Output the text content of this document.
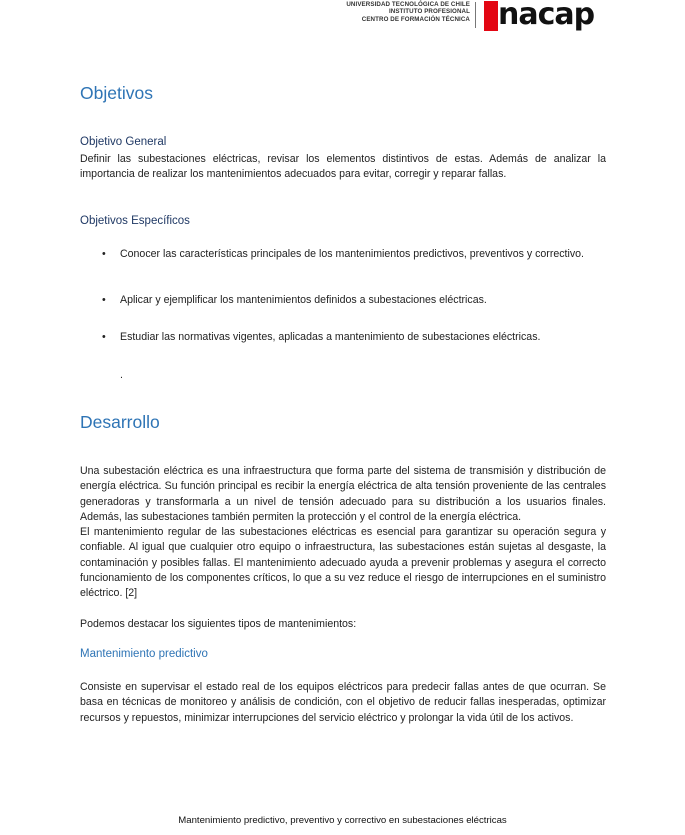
UNIVERSIDAD TECNOLÓGICA DE CHILE
INSTITUTO PROFESIONAL
CENTRO DE FORMACIÓN TÉCNICA nacap
Objetivos
Objetivo General

Definir las subestaciones eléctricas, revisar los elementos distintivos de estas. Además de analizar la importancia de realizar los mantenimientos adecuados para evitar, corregir y reparar fallas.

Objetivos Específicos
• Conocer las características principales de los mantenimientos predictivos, preventivos y correctivo.
• Aplicar y ejemplificar los mantenimientos definidos a subestaciones eléctricas.
• Estudiar las normativas vigentes, aplicadas a mantenimiento de subestaciones eléctricas.
.
Desarrollo

Una subestación eléctrica es una infraestructura que forma parte del sistema de transmisión y distribución de energía eléctrica. Su función principal es recibir la energía eléctrica de alta tensión proveniente de las centrales generadoras y transformarla a un nivel de tensión adecuado para su distribución a los usuarios finales. Además, las subestaciones también permiten la protección y el control de la energía eléctrica.

El mantenimiento regular de las subestaciones eléctricas es esencial para garantizar su operación segura y confiable. Al igual que cualquier otro equipo o infraestructura, las subestaciones están sujetas al desgaste, la contaminación y posibles fallas. El mantenimiento adecuado ayuda a prevenir problemas y asegura el correcto funcionamiento de los componentes críticos, lo que a su vez reduce el riesgo de interrupciones en el suministro eléctrico. [2]

Podemos destacar los siguientes tipos de mantenimientos:

Mantenimiento predictivo

Consiste en supervisar el estado real de los equipos eléctricos para predecir fallas antes de que ocurran. Se basa en técnicas de monitoreo y análisis de condición, con el objetivo de reducir fallas inesperadas, optimizar recursos y repuestos, minimizar interrupciones del servicio eléctrico y prolongar la vida útil de los activos.

Mantenimiento predictivo, preventivo y correctivo en subestaciones eléctricas
